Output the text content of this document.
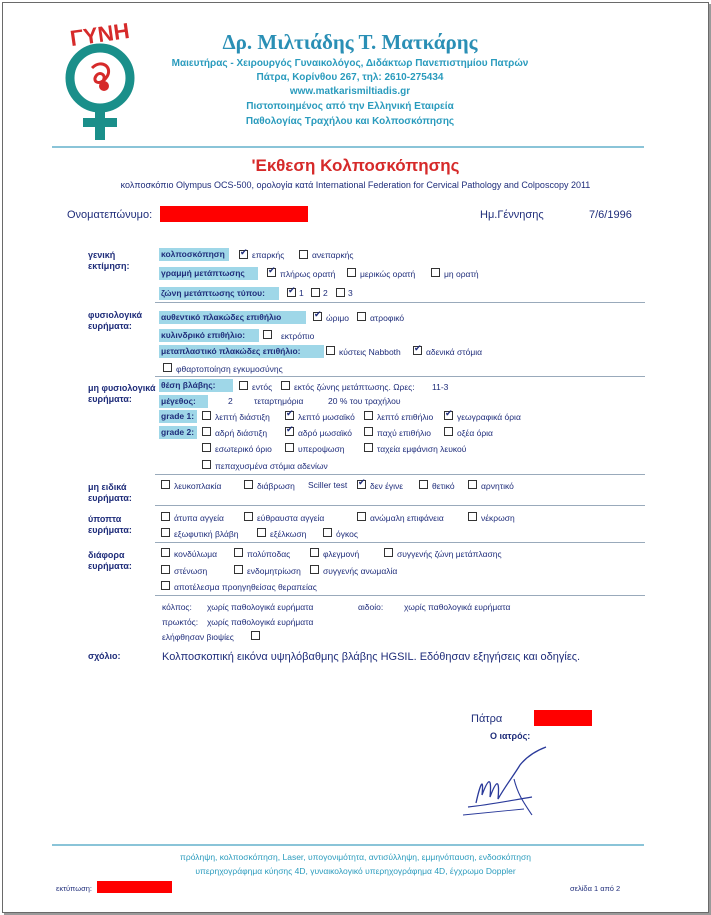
ΓΥΝΗ	Δρ. Μιλτιάδης Τ. Ματκάρης
Μαιευτήρας - Χειρουργός Γυναικολόγος, Διδάκτωρ Πανεπιστημίου Πατρών
Πάτρα, Κορίνθου 267, τηλ: 2610-275434
www.matkarismiltiadis.gr
Πιστοποιημένος από την Ελληνική Εταιρεία
Παθολογίας Τραχήλου και Κολποσκόπησης
'Εκθεση Κολποσκόπησης
κολποσκόπιο Olympus OCS-500, ορολογία κατά International Federation for Cervical Pathology and Colposcopy 2011
Ονοματεπώνυμο:	Ημ.Γέννησης	7/6/1996
γενική εκτίμηση:
κολποσκόπηση ✔	επαρκής	ανεπαρκής
γραμμή μετάπτωσης ✔	πλήρως ορατή	μερικώς ορατή	μη ορατή
ζώνη μετάπτωσης τύπου: ✔	1 2 3
φυσιολογικά ευρήματα:
αυθεντικό πλακώδες επιθήλιο ✔	ώριμο ατροφικό
κυλινδρικό επιθήλιο:	εκτρόπιο
μεταπλαστικό πλακώδες επιθήλιο:	κύστεις Nabboth ✔	αδενικά στόμια
φθαρτοποίηση εγκυμοσύνης
μη φυσιολογικά ευρήματα:
θέση βλάβης:	εντός	εκτός ζώνης μετάπτωσης. Ωρες: 11-3
μέγεθος:	2	τεταρτημόρια	20 % του τραχήλου
grade 1:	λεπτή διάστιξη ✔	λεπτό μωσαϊκό	λεπτό επιθήλιο ✔	γεωγραφικά όρια
grade 2:	αδρή διάστιξη ✔	αδρό μωσαϊκό	παχύ επιθήλιο	οξέα όρια
εσωτερικό όριο	υπεροψωση	ταχεία εμφάνιση λευκού
πεπαχυσμένα στόμια αδενίων
μη ειδικά ευρήματα:
λευκοπλακία	διάβρωση Sciller test ✔	δεν έγινε	θετικό	αρνητικό
ύποπτα ευρήματα:
άτυπα αγγεία	εύθραυστα αγγεία	ανώμαλη επιφάνεια	νέκρωση
εξωφυτική βλάβη	εξέλκωση	όγκος
διάφορα ευρήματα:
κονδύλωμα	πολύποδας	φλεγμονή	συγγενής ζώνη μετάπλασης
στένωση	ενδομητρίωση	συγγενής ανωμαλία
αποτέλεσμα προηγηθείσας θεραπείας
κόλπος: χωρίς παθολογικά ευρήματα	αιδοίο: χωρίς παθολογικά ευρήματα
πρωκτός: χωρίς παθολογικά ευρήματα
ελήφθησαν βιοψίες
σχόλιο:	Κολποσκοπική εικόνα υψηλόβαθμης βλάβης HGSIL. Εδόθησαν εξηγήσεις και οδηγίες.
Πάτρα
Ο ιατρός:
πρόληψη, κολποσκόπηση, Laser, υπογονιμότητα, αντισύλληψη, εμμηνόπαυση, ενδοσκόπηση
υπερηχογράφημα κύησης 4D, γυναικολογικό υπερηχογράφημα 4D, έγχρωμο Doppler
εκτύπωση:	σελίδα 1 από 2
